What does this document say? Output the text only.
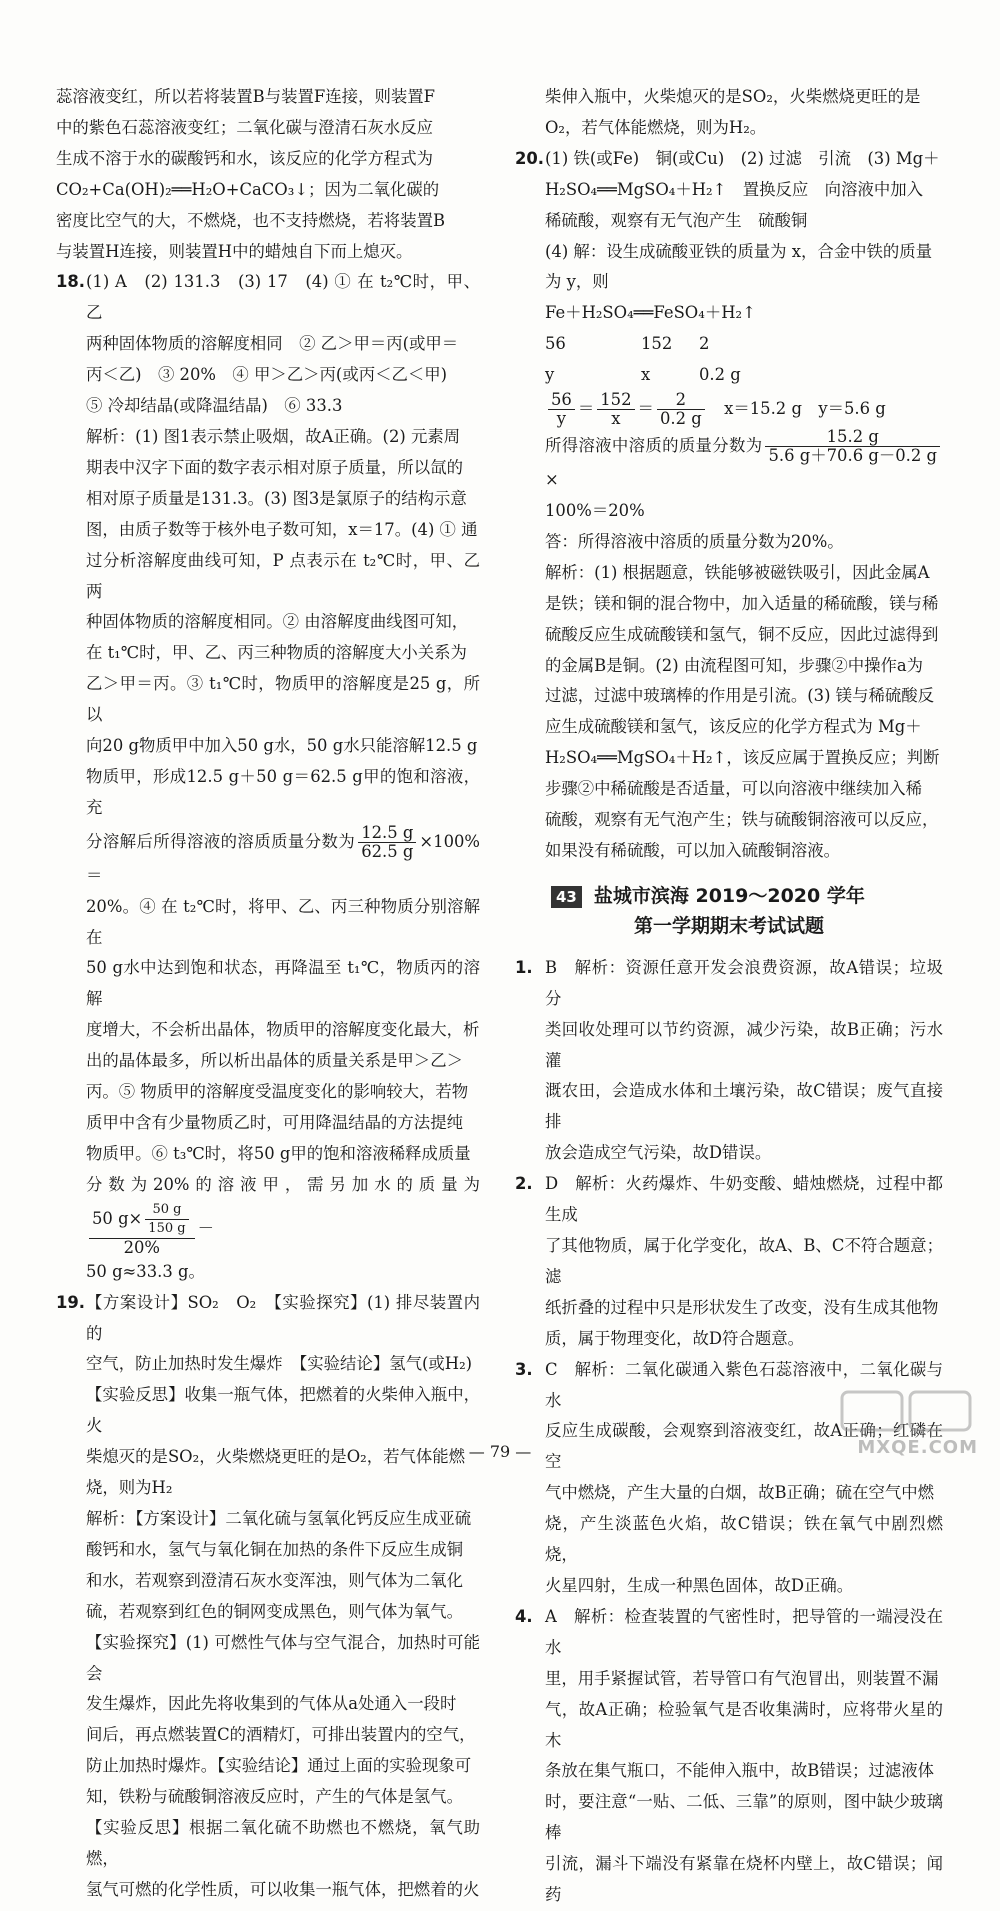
蕊溶液变红，所以若将装置B与装置F连接，则装置F

中的紫色石蕊溶液变红；二氧化碳与澄清石灰水反应

生成不溶于水的碳酸钙和水，该反应的化学方程式为

CO₂+Ca(OH)₂══H₂O+CaCO₃↓；因为二氧化碳的

密度比空气的大，不燃烧，也不支持燃烧，若将装置B

与装置H连接，则装置H中的蜡烛自下而上熄灭。

18. (1) A　(2) 131.3　(3) 17　(4) ① 在 t₂℃时，甲、乙

两种固体物质的溶解度相同　② 乙＞甲＝丙(或甲＝

丙＜乙)　③ 20%　④ 甲＞乙＞丙(或丙＜乙＜甲)

⑤ 冷却结晶(或降温结晶)　⑥ 33.3

解析：(1) 图1表示禁止吸烟，故A正确。(2) 元素周

期表中汉字下面的数字表示相对原子质量，所以氙的

相对原子质量是131.3。(3) 图3是氯原子的结构示意

图，由质子数等于核外电子数可知，x＝17。(4) ① 通

过分析溶解度曲线可知，P 点表示在 t₂℃时，甲、乙两

种固体物质的溶解度相同。② 由溶解度曲线图可知，

在 t₁℃时，甲、乙、丙三种物质的溶解度大小关系为

乙＞甲＝丙。③ t₁℃时，物质甲的溶解度是25 g，所以

向20 g物质甲中加入50 g水，50 g水只能溶解12.5 g

物质甲，形成12.5 g＋50 g＝62.5 g甲的饱和溶液，充

分溶解后所得溶液的溶质质量分数为 $\frac{12.5 g}{62.5 g} \times 100\%=$

20%。④ 在 t₂℃时，将甲、乙、丙三种物质分别溶解在

50 g水中达到饱和状态，再降温至 t₁℃，物质丙的溶解

度增大，不会析出晶体，物质甲的溶解度变化最大，析

出的晶体最多，所以析出晶体的质量关系是甲＞乙＞

丙。⑤ 物质甲的溶解度受温度变化的影响较大，若物

质甲中含有少量物质乙时，可用降温结晶的方法提纯

物质甲。⑥ t₃℃时，将50 g甲的饱和溶液稀释成质量

分数为20%的溶液甲，需另加水的质量为
$\frac{50 g\times \frac{50 g}{150 g}}{20\%}$ －

50 g≈33.3 g。

19. 【方案设计】SO₂　O₂　【实验探究】(1) 排尽装置内的

空气，防止加热时发生爆炸　【实验结论】氢气(或H₂)

【实验反思】收集一瓶气体，把燃着的火柴伸入瓶中，火

柴熄灭的是SO₂，火柴燃烧更旺的是O₂，若气体能燃

烧，则为H₂

解析：【方案设计】二氧化硫与氢氧化钙反应生成亚硫

酸钙和水，氢气与氧化铜在加热的条件下反应生成铜

和水，若观察到澄清石灰水变浑浊，则气体为二氧化

硫，若观察到红色的铜网变成黑色，则气体为氧气。

【实验探究】(1) 可燃性气体与空气混合，加热时可能会

发生爆炸，因此先将收集到的气体从a处通入一段时

间后，再点燃装置C的酒精灯，可排出装置内的空气，

防止加热时爆炸。【实验结论】通过上面的实验现象可

知，铁粉与硫酸铜溶液反应时，产生的气体是氢气。

【实验反思】根据二氧化硫不助燃也不燃烧，氧气助燃，

氢气可燃的化学性质，可以收集一瓶气体，把燃着的火

柴伸入瓶中，火柴熄灭的是SO₂，火柴燃烧更旺的是

O₂，若气体能燃烧，则为H₂。

20. (1) 铁(或Fe)　铜(或Cu)　(2) 过滤　引流　(3) Mg＋

H₂SO₄══MgSO₄＋H₂↑　置换反应　向溶液中加入

稀硫酸，观察有无气泡产生　硫酸铜

(4) 解：设生成硫酸亚铁的质量为 x，合金中铁的质量

为 y，则

Fe＋H₂SO₄══FeSO₄＋H₂↑

56	152 2

y	x	0.2 g

$\frac{56}{y} = \frac{152}{x} = \frac{2}{0.2 g}$
　 x＝15.2 g　y＝5.6 g

所得溶液中溶质的质量分数为 $\frac{15.2 g}{5.6 g+70.6 g-0.2 g}$
×

100%＝20%

答：所得溶液中溶质的质量分数为20%。

解析：(1) 根据题意，铁能够被磁铁吸引，因此金属A

是铁；镁和铜的混合物中，加入适量的稀硫酸，镁与稀

硫酸反应生成硫酸镁和氢气，铜不反应，因此过滤得到

的金属B是铜。(2) 由流程图可知，步骤②中操作a为

过滤，过滤中玻璃棒的作用是引流。(3) 镁与稀硫酸反

应生成硫酸镁和氢气，该反应的化学方程式为 Mg＋

H₂SO₄══MgSO₄＋H₂↑，该反应属于置换反应；判断

步骤②中稀硫酸是否适量，可以向溶液中继续加入稀

硫酸，观察有无气泡产生；铁与硫酸铜溶液可以反应，

如果没有稀硫酸，可以加入硫酸铜溶液。

43 盐城市滨海 2019～2020 学年

第一学期期末考试试题

1. B　解析：资源任意开发会浪费资源，故A错误；垃圾分

类回收处理可以节约资源，减少污染，故B正确；污水灌

溉农田，会造成水体和土壤污染，故C错误；废气直接排

放会造成空气污染，故D错误。

2. D　解析：火药爆炸、牛奶变酸、蜡烛燃烧，过程中都生成

了其他物质，属于化学变化，故A、B、C不符合题意；滤

纸折叠的过程中只是形状发生了改变，没有生成其他物

质，属于物理变化，故D符合题意。

3. C　解析：二氧化碳通入紫色石蕊溶液中，二氧化碳与水

反应生成碳酸，会观察到溶液变红，故A正确；红磷在空

气中燃烧，产生大量的白烟，故B正确；硫在空气中燃

烧，产生淡蓝色火焰，故C错误；铁在氧气中剧烈燃烧，

火星四射，生成一种黑色固体，故D正确。

4. A　解析：检查装置的气密性时，把导管的一端浸没在水

里，用手紧握试管，若导管口有气泡冒出，则装置不漏

气，故A正确；检验氧气是否收集满时，应将带火星的木

条放在集气瓶口，不能伸入瓶中，故B错误；过滤液体

时，要注意“一贴、二低、三靠”的原则，图中缺少玻璃棒

引流，漏斗下端没有紧靠在烧杯内壁上，故C错误；闻药

— 79 —	MXQE.COM
